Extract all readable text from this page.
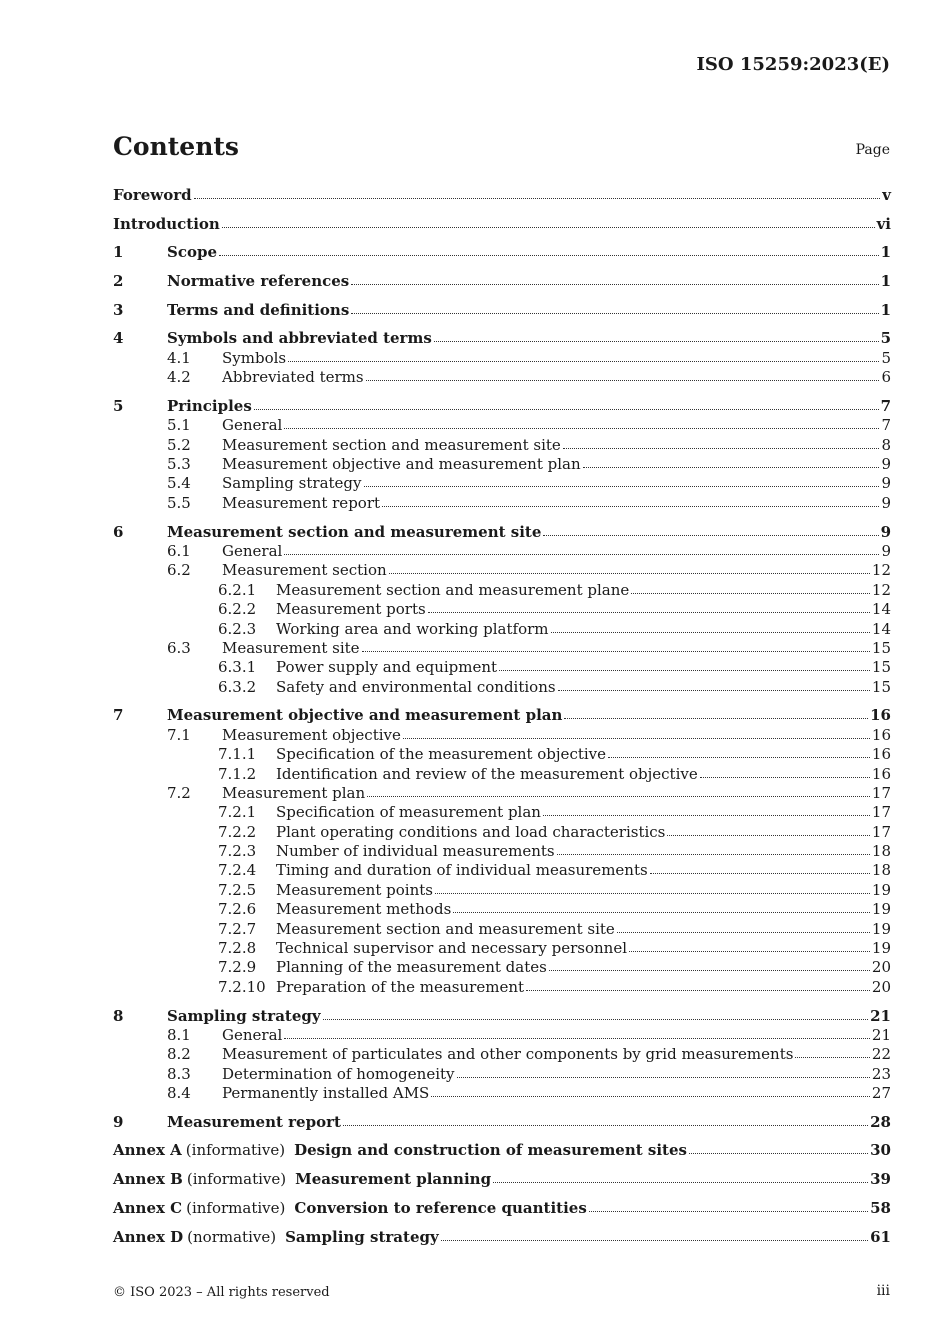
ISO 15259:2023(E)
Contents	Page
Foreword	v
Introduction	vi
1	Scope	1
2	Normative references	1
3	Terms and definitions	1
4	Symbols and abbreviated terms	5
4.1	Symbols	5
4.2	Abbreviated terms	6
5	Principles	7
5.1	General	7
5.2	Measurement section and measurement site	8
5.3	Measurement objective and measurement plan	9
5.4	Sampling strategy	9
5.5	Measurement report	9
6	Measurement section and measurement site	9
6.1	General	9
6.2	Measurement section	12
6.2.1	Measurement section and measurement plane	12
6.2.2	Measurement ports	14
6.2.3	Working area and working platform	14
6.3	Measurement site	15
6.3.1	Power supply and equipment	15
6.3.2	Safety and environmental conditions	15
7	Measurement objective and measurement plan	16
7.1	Measurement objective	16
7.1.1	Specification of the measurement objective	16
7.1.2	Identification and review of the measurement objective	16
7.2	Measurement plan	17
7.2.1	Specification of measurement plan	17
7.2.2	Plant operating conditions and load characteristics	17
7.2.3	Number of individual measurements	18
7.2.4	Timing and duration of individual measurements	18
7.2.5	Measurement points	19
7.2.6	Measurement methods	19
7.2.7	Measurement section and measurement site	19
7.2.8	Technical supervisor and necessary personnel	19
7.2.9	Planning of the measurement dates	20
7.2.10 Preparation of the measurement	20
8	Sampling strategy	21
8.1	General	21
8.2	Measurement of particulates and other components by grid measurements	22
8.3	Determination of homogeneity	23
8.4	Permanently installed AMS	27
9	Measurement report	28
Annex A (informative) Design and construction of measurement sites	30
Annex B (informative) Measurement planning	39
Annex C (informative) Conversion to reference quantities	58
Annex D (normative) Sampling strategy	61
© ISO 2023 – All rights reserved	iii
